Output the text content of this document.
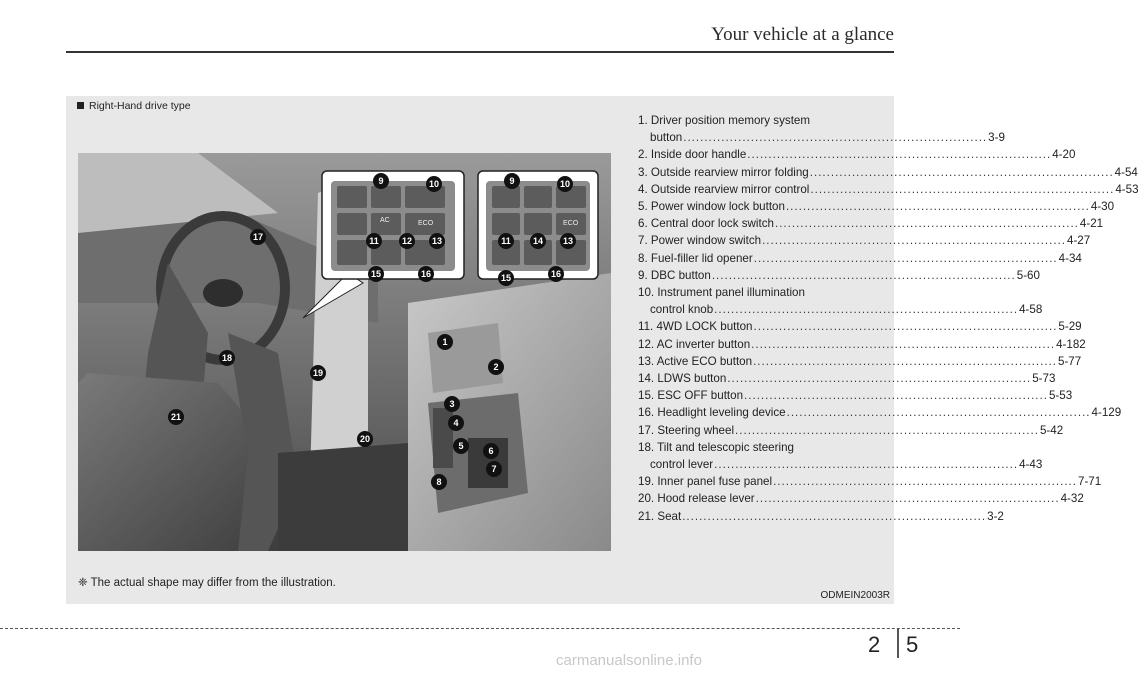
Your vehicle at a glance
Right-Hand drive type
AC	ECO	ECO
9	10
11	12 13
15	16
9	10
11 14 13
15	16
1
2
3
4
5	6
7
8
17
18
19
20
21
1. Driver position memory system
button ........................................................................ 3-9
2. Inside door handle ........................................................................ 4-20
3. Outside rearview mirror folding ........................................................................ 4-54
4. Outside rearview mirror control ........................................................................ 4-53
5. Power window lock button ........................................................................ 4-30
6. Central door lock switch ........................................................................ 4-21
7. Power window switch ........................................................................ 4-27
8. Fuel-filler lid opener ........................................................................ 4-34
9. DBC button ........................................................................ 5-60
10. Instrument panel illumination
control knob ........................................................................ 4-58
11. 4WD LOCK button ........................................................................ 5-29
12. AC inverter button ........................................................................ 4-182
13. Active ECO button ........................................................................ 5-77
14. LDWS button ........................................................................ 5-73
15. ESC OFF button ........................................................................ 5-53
16. Headlight leveling device ........................................................................ 4-129
17. Steering wheel ........................................................................ 5-42
18. Tilt and telescopic steering
control lever ........................................................................ 4-43
19. Inner panel fuse panel ........................................................................ 7-71
20. Hood release lever ........................................................................ 4-32
21. Seat ........................................................................ 3-2
❈ The actual shape may differ from the illustration.
ODMEIN2003R
2 5
carmanualsonline.info
